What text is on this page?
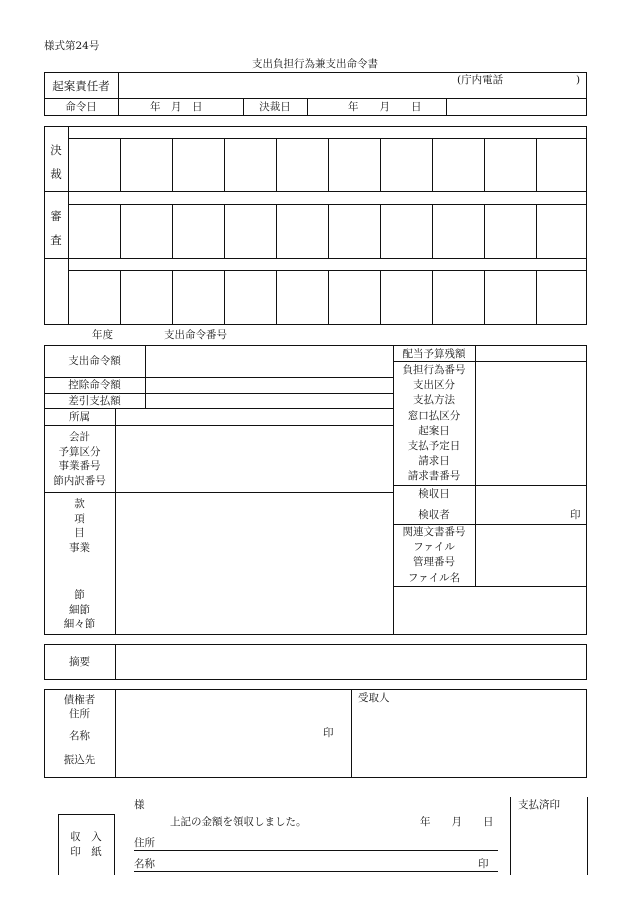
様式第24号
支出負担行為兼支出命令書
起案責任者	(庁内電話	)
命令日	年　月　日	決裁日	年　　月　　日
決
裁
審
査
年度	支出命令番号
支出命令額
控除命令額
差引支払額
所属
会計
予算区分
事業番号
節内訳番号
款
項
目
事業
節
細節
細々節
配当予算残額
負担行為番号
支出区分
支払方法
窓口払区分
起案日
支払予定日
請求日
請求書番号
検収日
検収者	印
関連文書番号
ファイル
管理番号
ファイル名
摘要
債権者
住所
名称
振込先
印
受取人
収　入
印　紙
様
上記の金額を領収しました。	年　　月　　日
住所
名称	印
支払済印
